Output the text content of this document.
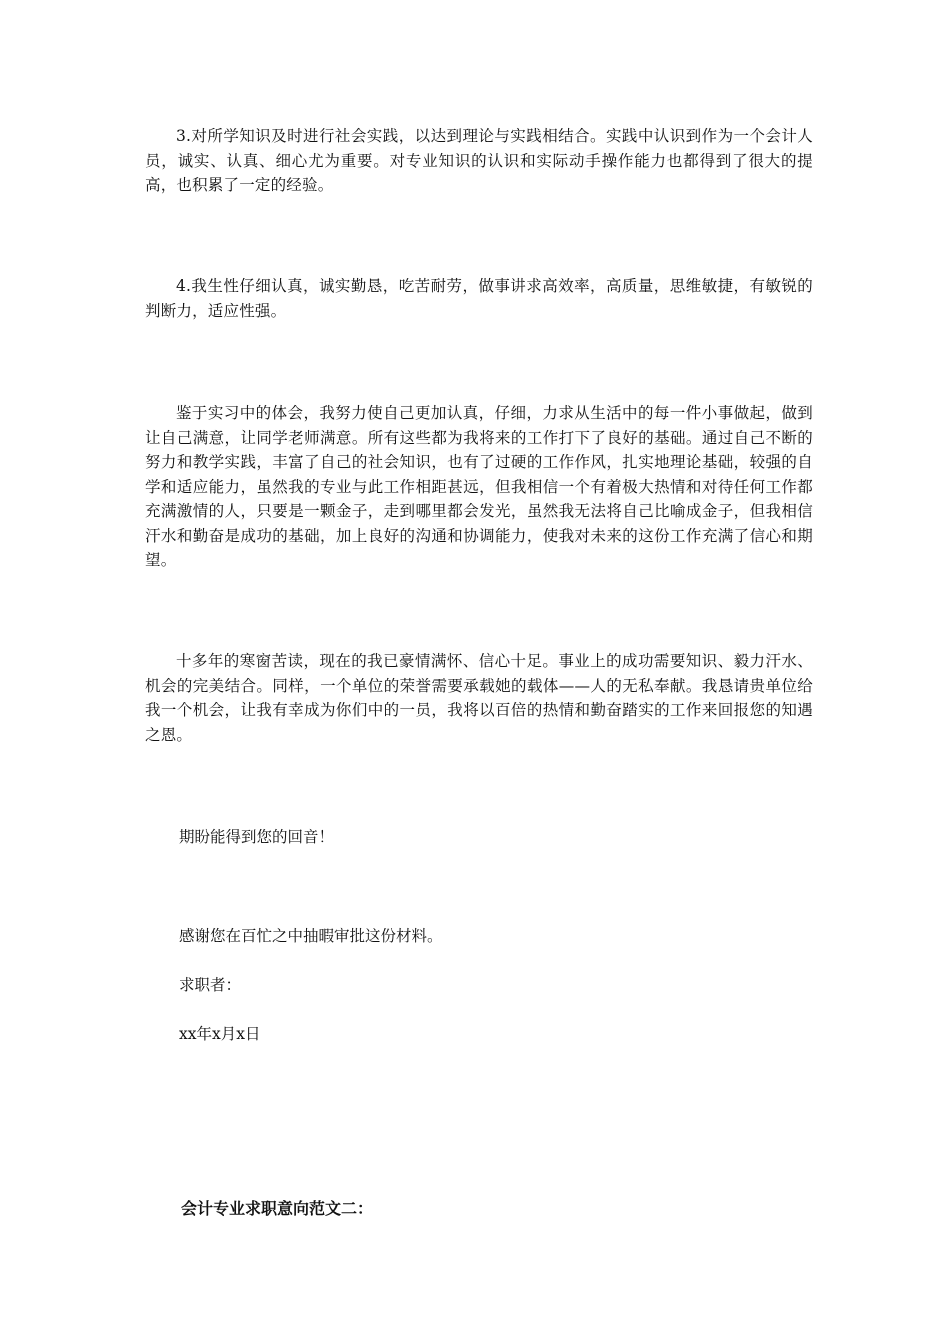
3.对所学知识及时进行社会实践，以达到理论与实践相结合。实践中认识到作为一个会计人员，诚实、认真、细心尤为重要。对专业知识的认识和实际动手操作能力也都得到了很大的提高，也积累了一定的经验。

4.我生性仔细认真，诚实勤恳，吃苦耐劳，做事讲求高效率，高质量，思维敏捷，有敏锐的判断力，适应性强。

鉴于实习中的体会，我努力使自己更加认真，仔细，力求从生活中的每一件小事做起，做到让自己满意，让同学老师满意。所有这些都为我将来的工作打下了良好的基础。通过自己不断的努力和教学实践，丰富了自己的社会知识，也有了过硬的工作作风，扎实地理论基础，较强的自学和适应能力，虽然我的专业与此工作相距甚远，但我相信一个有着极大热情和对待任何工作都充满激情的人，只要是一颗金子，走到哪里都会发光，虽然我无法将自己比喻成金子，但我相信汗水和勤奋是成功的基础，加上良好的沟通和协调能力，使我对未来的这份工作充满了信心和期望。

十多年的寒窗苦读，现在的我已豪情满怀、信心十足。事业上的成功需要知识、毅力汗水、机会的完美结合。同样，一个单位的荣誉需要承载她的载体——人的无私奉献。我恳请贵单位给我一个机会，让我有幸成为你们中的一员，我将以百倍的热情和勤奋踏实的工作来回报您的知遇之恩。

期盼能得到您的回音！

感谢您在百忙之中抽暇审批这份材料。

求职者：

xx年x月x日

会计专业求职意向范文二：
